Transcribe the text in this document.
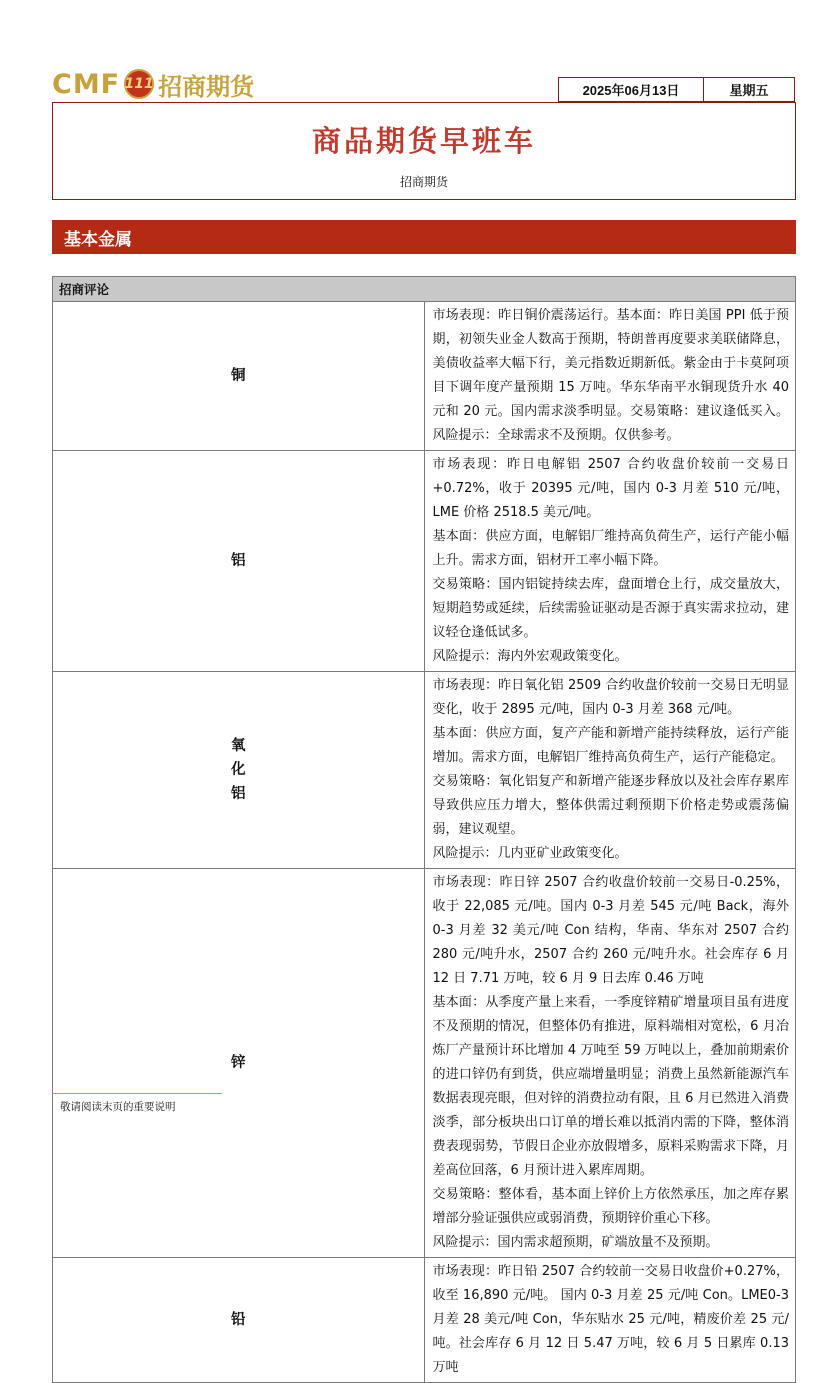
CMF 111 招商期货	2025年06月13日	星期五
商品期货早班车
招商期货
基本金属
招商评论	
铜	市场表现：昨日铜价震荡运行。基本面：昨日美国 PPI 低于预期，初领失业金人数高于预期，特朗普再度要求美联储降息，美债收益率大幅下行，美元指数近期新低。紫金由于卡莫阿项目下调年度产量预期 15 万吨。华东华南平水铜现货升水 40 元和 20 元。国内需求淡季明显。交易策略：建议逢低买入。风险提示：全球需求不及预期。仅供参考。

铝	市场表现：昨日电解铝 2507 合约收盘价较前一交易日+0.72%，收于 20395 元/吨，国内 0-3 月差 510 元/吨，LME 价格 2518.5 美元/吨。

基本面：供应方面，电解铝厂维持高负荷生产，运行产能小幅上升。需求方面，铝材开工率小幅下降。

交易策略：国内铝锭持续去库，盘面增仓上行，成交量放大，短期趋势或延续，后续需验证驱动是否源于真实需求拉动，建议轻仓逢低试多。

风险提示：海内外宏观政策变化。

氧化铝	市场表现：昨日氧化铝 2509 合约收盘价较前一交易日无明显变化，收于 2895 元/吨，国内 0-3 月差 368 元/吨。

基本面：供应方面，复产产能和新增产能持续释放，运行产能增加。需求方面，电解铝厂维持高负荷生产，运行产能稳定。

交易策略：氧化铝复产和新增产能逐步释放以及社会库存累库导致供应压力增大，整体供需过剩预期下价格走势或震荡偏弱，建议观望。

风险提示：几内亚矿业政策变化。

锌	市场表现：昨日锌 2507 合约收盘价较前一交易日-0.25%，收于 22,085 元/吨。国内 0-3 月差 545 元/吨 Back，海外 0-3 月差 32 美元/吨 Con 结构，华南、华东对 2507 合约 280 元/吨升水，2507 合约 260 元/吨升水。社会库存 6 月 12 日 7.71 万吨，较 6 月 9 日去库 0.46 万吨

基本面：从季度产量上来看，一季度锌精矿增量项目虽有进度不及预期的情况，但整体仍有推进，原料端相对宽松，6 月冶炼厂产量预计环比增加 4 万吨至 59 万吨以上，叠加前期索价的进口锌仍有到货，供应端增量明显；消费上虽然新能源汽车数据表现亮眼，但对锌的消费拉动有限，且 6 月已然进入消费淡季，部分板块出口订单的增长难以抵消内需的下降，整体消费表现弱势，节假日企业亦放假增多，原料采购需求下降，月差高位回落，6 月预计进入累库周期。

交易策略：整体看，基本面上锌价上方依然承压，加之库存累增部分验证强供应或弱消费，预期锌价重心下移。

风险提示：国内需求超预期，矿端放量不及预期。

铅	市场表现：昨日铅 2507 合约较前一交易日收盘价+0.27%，收至 16,890 元/吨。 国内 0-3 月差 25 元/吨 Con。LME0-3 月差 28 美元/吨 Con，华东贴水 25 元/吨，精废价差 25 元/吨。社会库存 6 月 12 日 5.47 万吨，较 6 月 5 日累库 0.13 万吨

敬请阅读末页的重要说明
